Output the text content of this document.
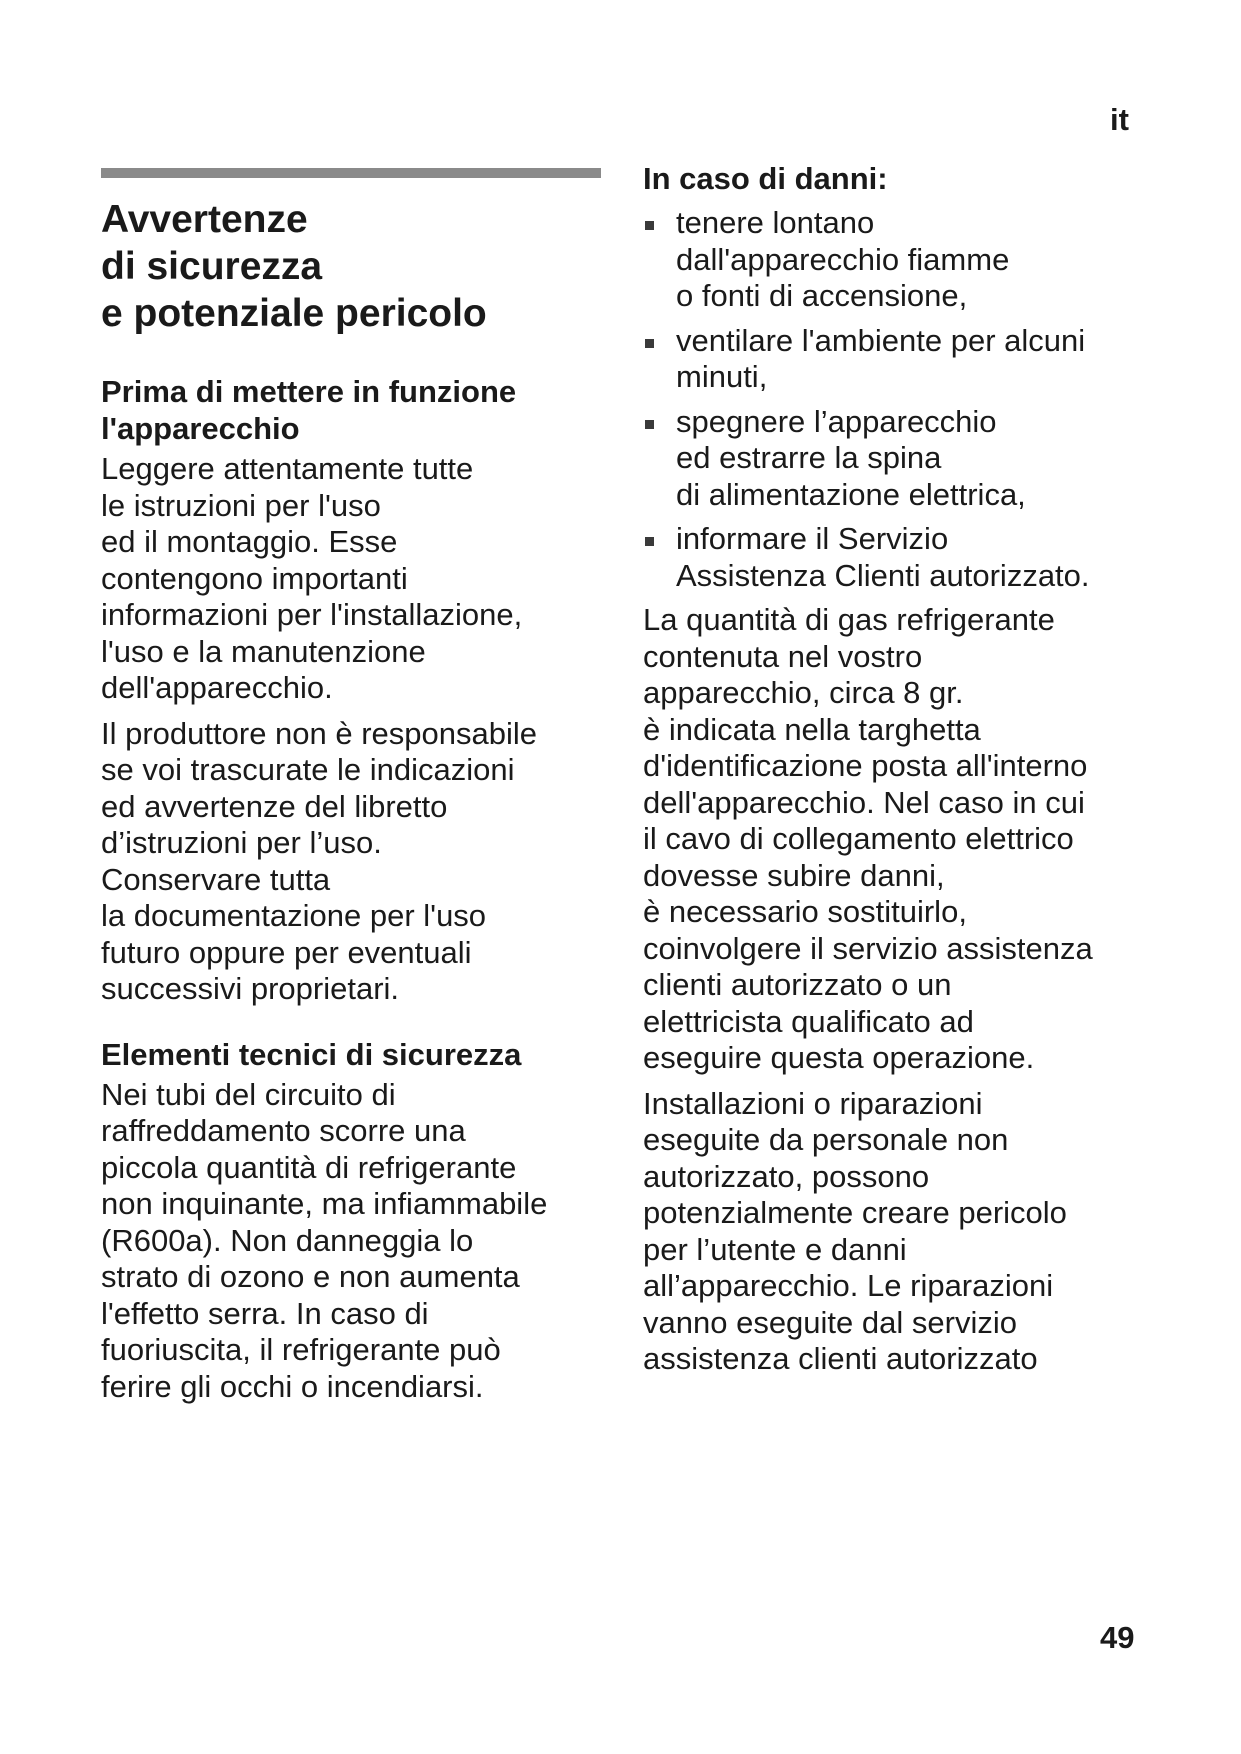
it
Avvertenze
di sicurezza
e potenziale pericolo
Prima di mettere in funzione
l'apparecchio

Leggere attentamente tutte
le istruzioni per l'uso
ed il montaggio. Esse
contengono importanti
informazioni per l'installazione,
l'uso e la manutenzione
dell'apparecchio.

Il produttore non è responsabile
se voi trascurate le indicazioni
ed avvertenze del libretto
d’istruzioni per l’uso.
Conservare tutta
la documentazione per l'uso
futuro oppure per eventuali
successivi proprietari.

Elementi tecnici di sicurezza

Nei tubi del circuito di
raffreddamento scorre una
piccola quantità di refrigerante
non inquinante, ma infiammabile
(R600a). Non danneggia lo
strato di ozono e non aumenta
l'effetto serra. In caso di
fuoriuscita, il refrigerante può
ferire gli occhi o incendiarsi.

In caso di danni:
tenere lontano
dall'apparecchio fiamme
o fonti di accensione,
ventilare l'ambiente per alcuni
minuti,
spegnere l’apparecchio
ed estrarre la spina
di alimentazione elettrica,
informare il Servizio
Assistenza Clienti autorizzato.

La quantità di gas refrigerante
contenuta nel vostro
apparecchio, circa 8 gr.
è indicata nella targhetta
d'identificazione posta all'interno
dell'apparecchio. Nel caso in cui
il cavo di collegamento elettrico
dovesse subire danni,
è necessario sostituirlo,
coinvolgere il servizio assistenza
clienti autorizzato o un
elettricista qualificato ad
eseguire questa operazione.

Installazioni o riparazioni
eseguite da personale non
autorizzato, possono
potenzialmente creare pericolo
per l’utente e danni
all’apparecchio. Le riparazioni
vanno eseguite dal servizio
assistenza clienti autorizzato

49
